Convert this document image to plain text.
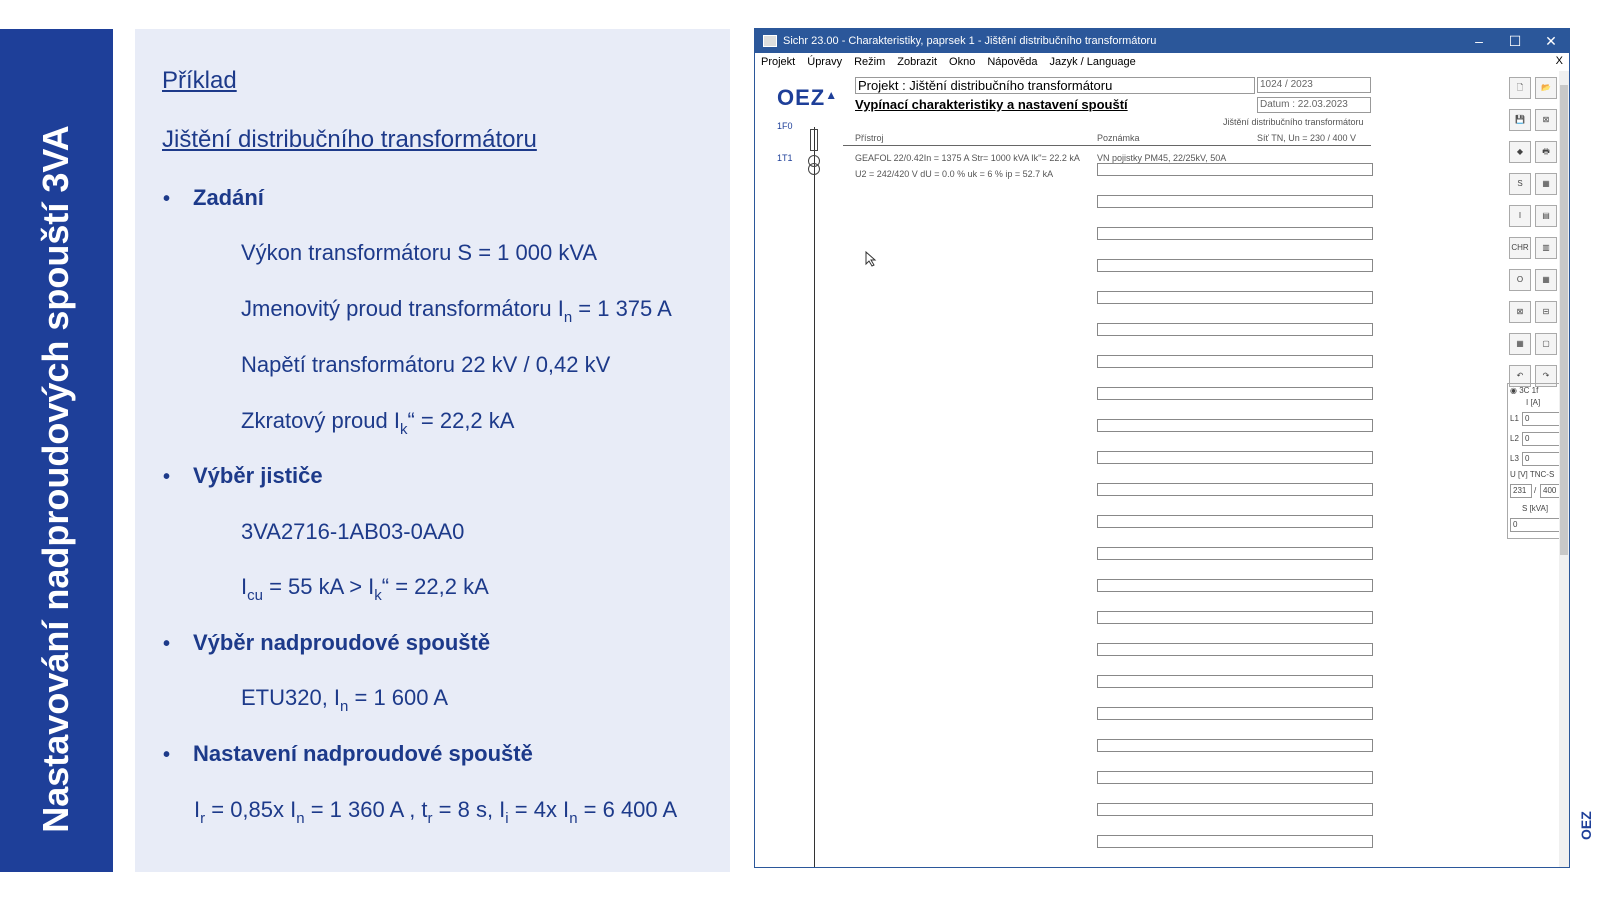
Nastavování nadproudových spouští 3VA
Příklad
Jištění distribučního transformátoru
• Zadání
Výkon transformátoru S = 1 000 kVA
Jmenovitý proud transformátoru $I_n = 1$ 375 A
Napětí transformátoru 22 kV / 0,42 kV
Zkratový proud $I_k“ = 22,2$ kA
• Výběr jističe
3VA2716-1AB03-0AA0
$I_{cu} = 55$ kA > $I_k“ = 22,2$ kA
• Výběr nadproudové spouště
ETU320, $I_n = 1$ 600 A
• Nastavení nadproudové spouště
$I_r = 0,85x$ $I_n = 1$ 360 A , $t_r = 8$ s, $I_i = 4x$ $I_n = 6$ 400 A
Sichr 23.00 - Charakteristiky, paprsek 1 - Jištění distribučního transformátoru	–	☐	✕
Projekt Úpravy Režim Zobrazit Okno Nápověda Jazyk / Language	X
OEZ▲
1F0
1T1
Projekt : Jištění distribučního transformátoru
Vypínací charakteristiky a nastavení spouští
1024 / 2023
Datum : 22.03.2023
Jištění distribučního transformátoru
Přístroj	Poznámka	Síť TN, Un = 230 / 400 V
GEAFOL 22/0.42In = 1375 A Str= 1000 kVA Ik''= 22.2 kA
U2 = 242/420 V dU = 0.0 % uk = 6 % ip = 52.7 kA
VN pojistky PM45, 22/25kV, 50A
🗋	📂
💾	⊠
◆	🖶
S	▦
I	▤
CHR	▥
O	▦
⊠	⊟
▦	▢
↶	↷
◉ 3C 1f
I [A]
L1 0
L2 0
L3 0
U [V] TNC-S
231 / 400
S [kVA]
0
OEZ
